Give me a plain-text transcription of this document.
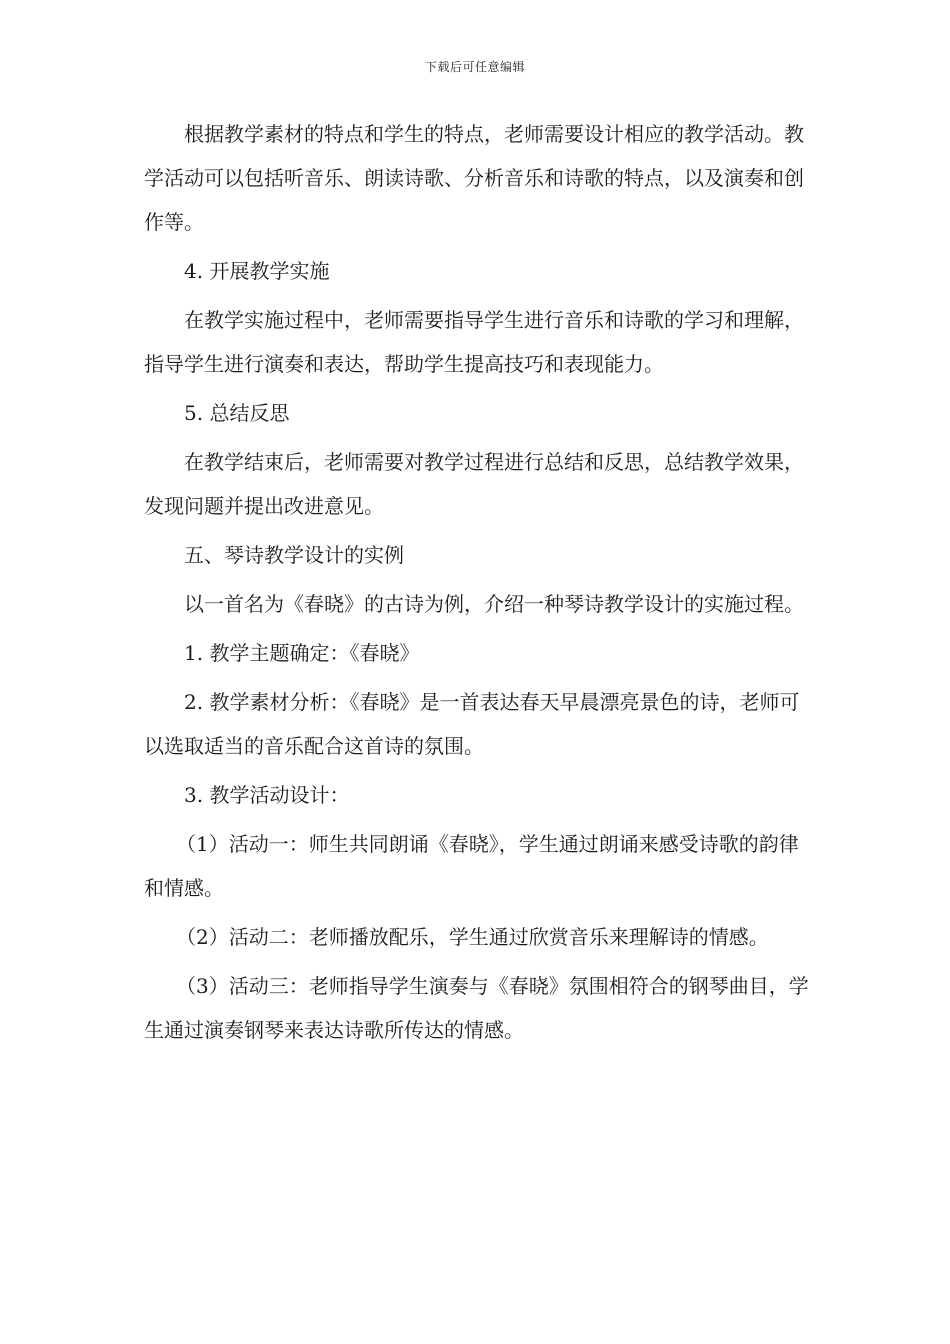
下载后可任意编辑

根据教学素材的特点和学生的特点，老师需要设计相应的教学活动。教学活动可以包括听音乐、朗读诗歌、分析音乐和诗歌的特点，以及演奏和创作等。

4. 开展教学实施

在教学实施过程中，老师需要指导学生进行音乐和诗歌的学习和理解，指导学生进行演奏和表达，帮助学生提高技巧和表现能力。

5. 总结反思

在教学结束后，老师需要对教学过程进行总结和反思，总结教学效果，发现问题并提出改进意见。

五、琴诗教学设计的实例

以一首名为《春晓》的古诗为例，介绍一种琴诗教学设计的实施过程。

1. 教学主题确定：《春晓》

2. 教学素材分析：《春晓》是一首表达春天早晨漂亮景色的诗，老师可以选取适当的音乐配合这首诗的氛围。

3. 教学活动设计：

（1）活动一：师生共同朗诵《春晓》，学生通过朗诵来感受诗歌的韵律和情感。

（2）活动二：老师播放配乐，学生通过欣赏音乐来理解诗的情感。

（3）活动三：老师指导学生演奏与《春晓》氛围相符合的钢琴曲目，学生通过演奏钢琴来表达诗歌所传达的情感。
